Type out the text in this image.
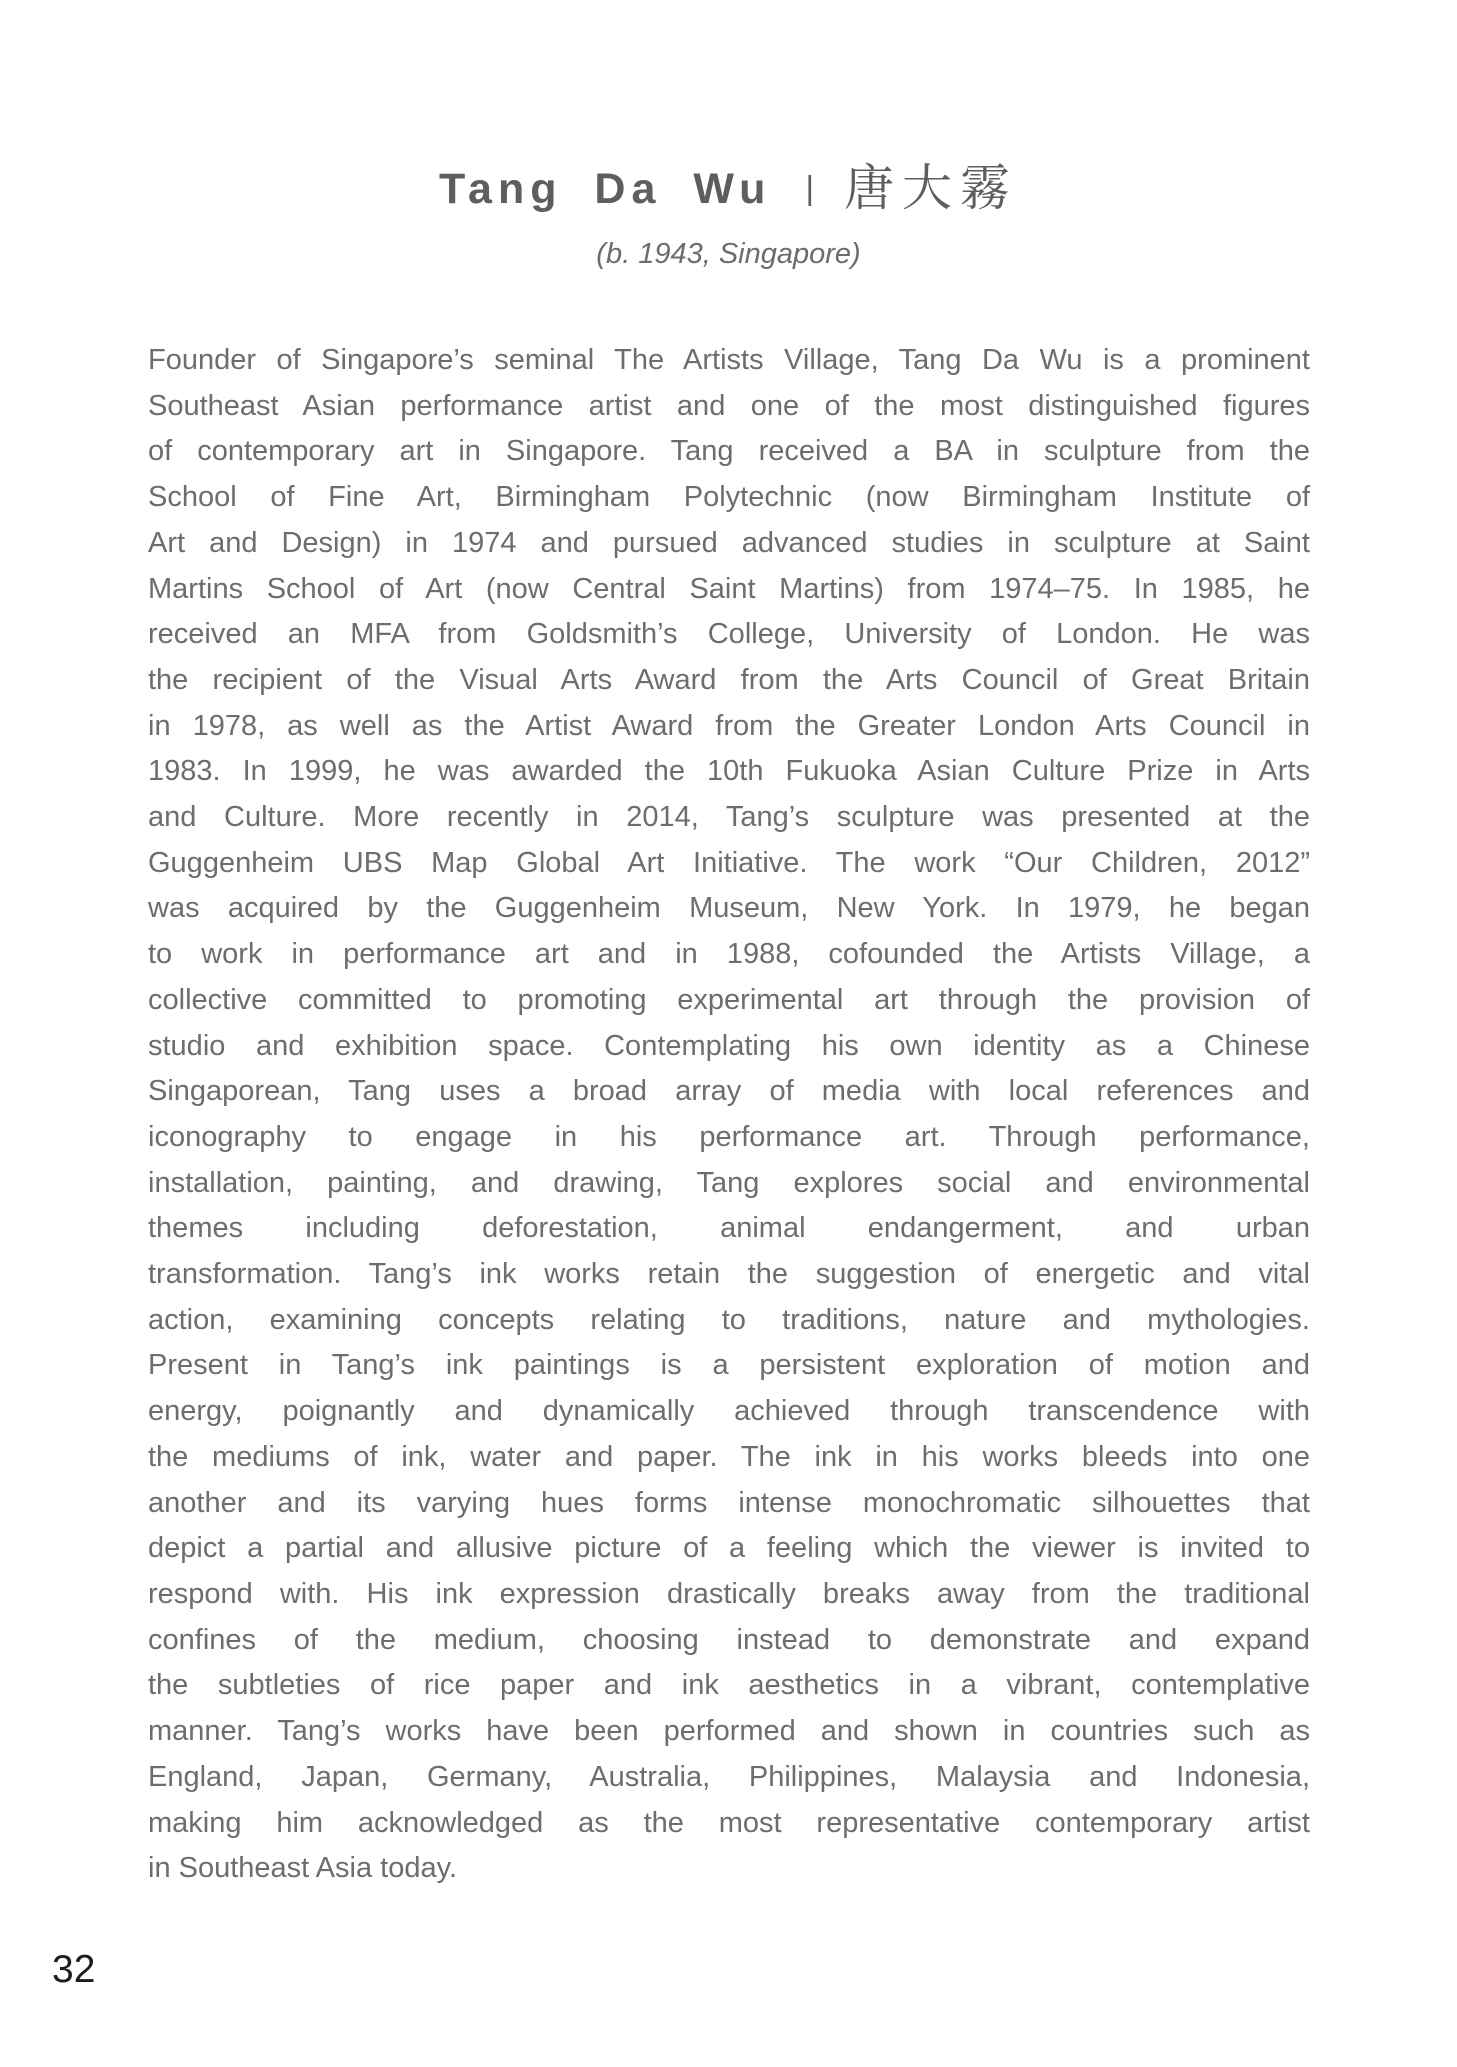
Tang Da Wu | 唐大霧

(b. 1943, Singapore)

Founder of Singapore’s seminal The Artists Village, Tang Da Wu is a prominent
Southeast Asian performance artist and one of the most distinguished figures
of contemporary art in Singapore. Tang received a BA in sculpture from the
School of Fine Art, Birmingham Polytechnic (now Birmingham Institute of
Art and Design) in 1974 and pursued advanced studies in sculpture at Saint
Martins School of Art (now Central Saint Martins) from 1974–75. In 1985, he
received an MFA from Goldsmith’s College, University of London. He was
the recipient of the Visual Arts Award from the Arts Council of Great Britain
in 1978, as well as the Artist Award from the Greater London Arts Council in
1983. In 1999, he was awarded the 10th Fukuoka Asian Culture Prize in Arts
and Culture. More recently in 2014, Tang’s sculpture was presented at the
Guggenheim UBS Map Global Art Initiative. The work “Our Children, 2012”
was acquired by the Guggenheim Museum, New York. In 1979, he began
to work in performance art and in 1988, cofounded the Artists Village, a
collective committed to promoting experimental art through the provision of
studio and exhibition space. Contemplating his own identity as a Chinese
Singaporean, Tang uses a broad array of media with local references and
iconography to engage in his performance art. Through performance,
installation, painting, and drawing, Tang explores social and environmental
themes including deforestation, animal endangerment, and urban
transformation. Tang’s ink works retain the suggestion of energetic and vital
action, examining concepts relating to traditions, nature and mythologies.
Present in Tang’s ink paintings is a persistent exploration of motion and
energy, poignantly and dynamically achieved through transcendence with
the mediums of ink, water and paper. The ink in his works bleeds into one
another and its varying hues forms intense monochromatic silhouettes that
depict a partial and allusive picture of a feeling which the viewer is invited to
respond with. His ink expression drastically breaks away from the traditional
confines of the medium, choosing instead to demonstrate and expand
the subtleties of rice paper and ink aesthetics in a vibrant, contemplative
manner. Tang’s works have been performed and shown in countries such as
England, Japan, Germany, Australia, Philippines, Malaysia and Indonesia,
making him acknowledged as the most representative contemporary artist
in Southeast Asia today.
32
